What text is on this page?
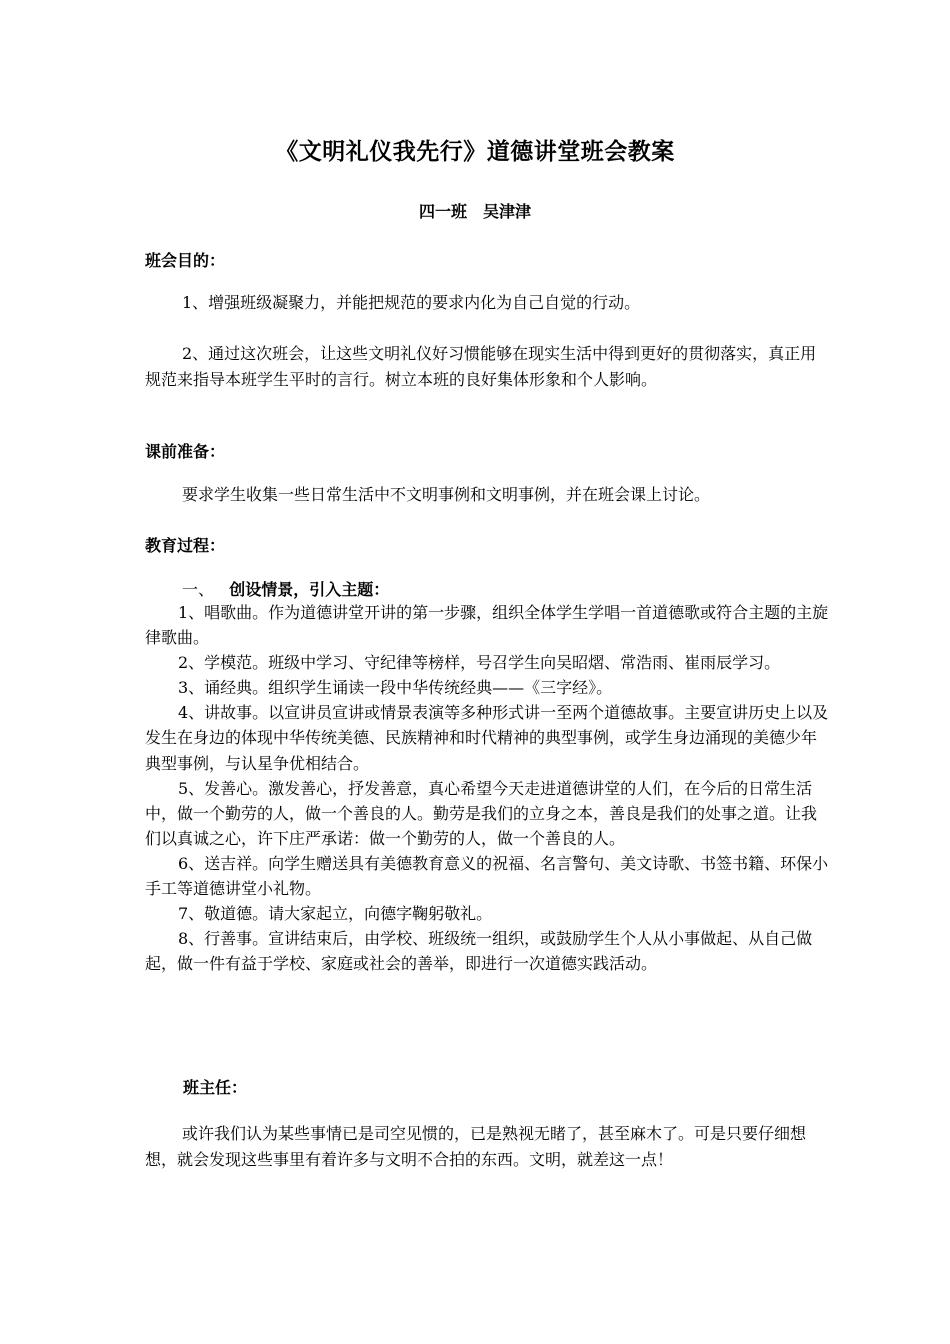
《文明礼仪我先行》道德讲堂班会教案

四一班　吴津津

班会目的：

1、增强班级凝聚力，并能把规范的要求内化为自己自觉的行动。

2、通过这次班会，让这些文明礼仪好习惯能够在现实生活中得到更好的贯彻落实，真正用规范来指导本班学生平时的言行。树立本班的良好集体形象和个人影响。

课前准备：

要求学生收集一些日常生活中不文明事例和文明事例，并在班会课上讨论。

教育过程：

一、 创设情景，引入主题：

1、唱歌曲。作为道德讲堂开讲的第一步骤，组织全体学生学唱一首道德歌或符合主题的主旋律歌曲。
2、学模范。班级中学习、守纪律等榜样，号召学生向吴昭熠、常浩雨、崔雨辰学习。
3、诵经典。组织学生诵读一段中华传统经典——《三字经》。
4、讲故事。以宣讲员宣讲或情景表演等多种形式讲一至两个道德故事。主要宣讲历史上以及发生在身边的体现中华传统美德、民族精神和时代精神的典型事例，或学生身边涌现的美德少年典型事例，与认星争优相结合。
5、发善心。激发善心，抒发善意，真心希望今天走进道德讲堂的人们，在今后的日常生活中，做一个勤劳的人，做一个善良的人。勤劳是我们的立身之本，善良是我们的处事之道。让我们以真诚之心，许下庄严承诺：做一个勤劳的人，做一个善良的人。
6、送吉祥。向学生赠送具有美德教育意义的祝福、名言警句、美文诗歌、书签书籍、环保小手工等道德讲堂小礼物。
7、敬道德。请大家起立，向德字鞠躬敬礼。
8、行善事。宣讲结束后，由学校、班级统一组织，或鼓励学生个人从小事做起、从自己做起，做一件有益于学校、家庭或社会的善举，即进行一次道德实践活动。

班主任：

或许我们认为某些事情已是司空见惯的，已是熟视无睹了，甚至麻木了。可是只要仔细想想，就会发现这些事里有着许多与文明不合拍的东西。文明，就差这一点！
